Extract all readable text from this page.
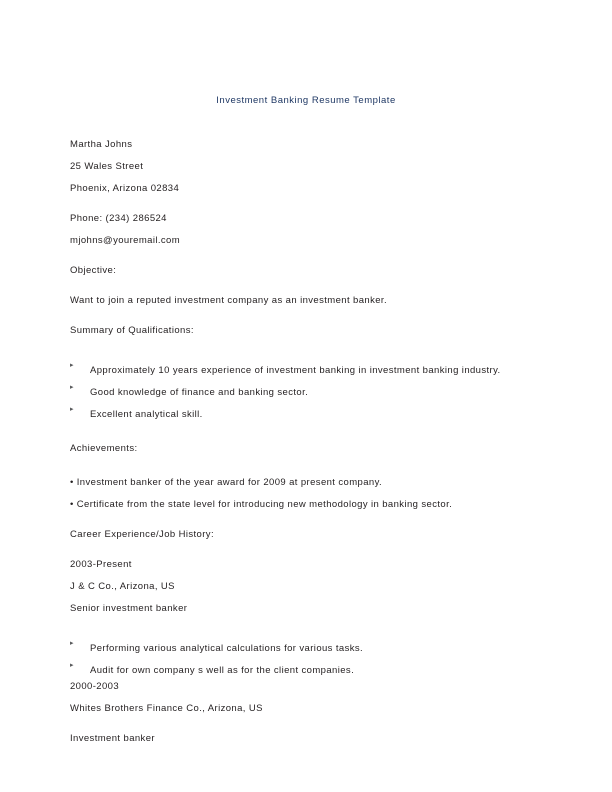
Investment Banking Resume Template
Martha Johns
25 Wales Street
Phoenix, Arizona 02834
Phone: (234) 286524
mjohns@youremail.com
Objective:
Want to join a reputed investment company as an investment banker.
Summary of Qualifications:
▸ Approximately 10 years experience of investment banking in investment banking industry.
▸ Good knowledge of finance and banking sector.
▸ Excellent analytical skill.
Achievements:
• Investment banker of the year award for 2009 at present company.
• Certificate from the state level for introducing new methodology in banking sector.
Career Experience/Job History:
2003-Present
J & C Co., Arizona, US
Senior investment banker
▸ Performing various analytical calculations for various tasks.
▸ Audit for own company s well as for the client companies.
2000-2003
Whites Brothers Finance Co., Arizona, US
Investment banker
